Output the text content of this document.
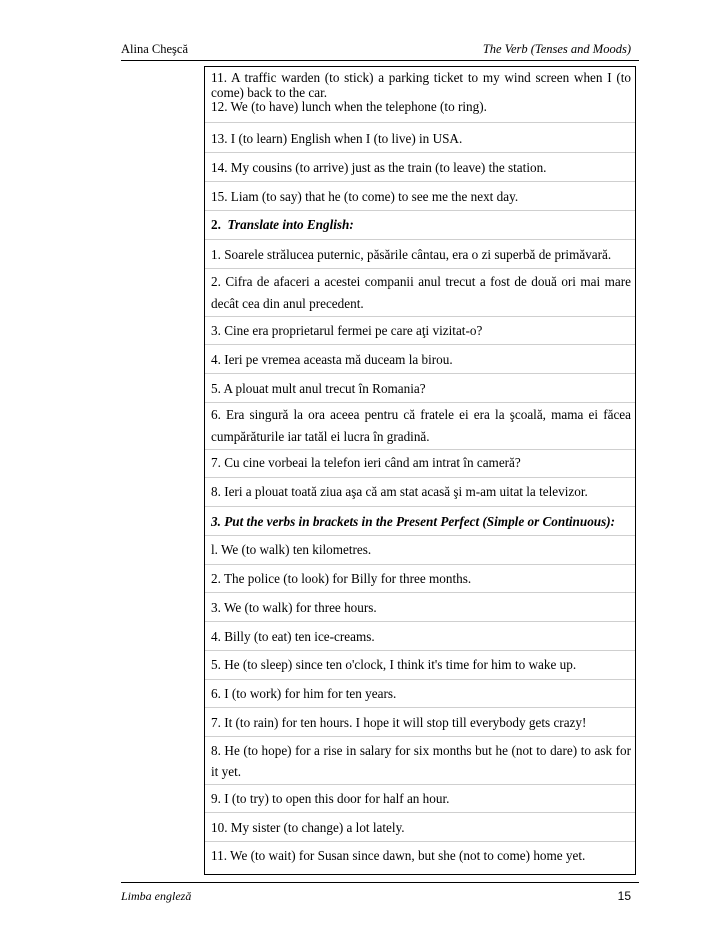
Alina Cheşcă	The Verb (Tenses and Moods)
11. A traffic warden (to stick) a parking ticket to my wind screen when I (to come) back to the car.
12. We (to have) lunch when the telephone (to ring).
13. I (to learn) English when I (to live) in USA.
14. My cousins (to arrive) just as the train (to leave) the station.
15. Liam (to say) that he (to come) to see me the next day.
2. Translate into English:
1. Soarele strălucea puternic, păsările cântau, era o zi superbă de primăvară.
2. Cifra de afaceri a acestei companii anul trecut a fost de două ori mai mare decât cea din anul precedent.
3. Cine era proprietarul fermei pe care aţi vizitat-o?
4. Ieri pe vremea aceasta mă duceam la birou.
5. A plouat mult anul trecut în Romania?
6. Era singură la ora aceea pentru că fratele ei era la şcoală, mama ei făcea cumpărăturile iar tatăl ei lucra în gradină.
7. Cu cine vorbeai la telefon ieri când am intrat în cameră?
8. Ieri a plouat toată ziua aşa că am stat acasă şi m-am uitat la televizor.
3. Put the verbs in brackets in the Present Perfect (Simple or Continuous):
l. We (to walk) ten kilometres.
2. The police (to look) for Billy for three months.
3. We (to walk) for three hours.
4. Billy (to eat) ten ice-creams.
5. He (to sleep) since ten o'clock, I think it's time for him to wake up.
6. I (to work) for him for ten years.
7. It (to rain) for ten hours. I hope it will stop till everybody gets crazy!
8. He (to hope) for a rise in salary for six months but he (not to dare) to ask for it yet.
9. I (to try) to open this door for half an hour.
10. My sister (to change) a lot lately.
11. We (to wait) for Susan since dawn, but she (not to come) home yet.
Limba engleză	15
